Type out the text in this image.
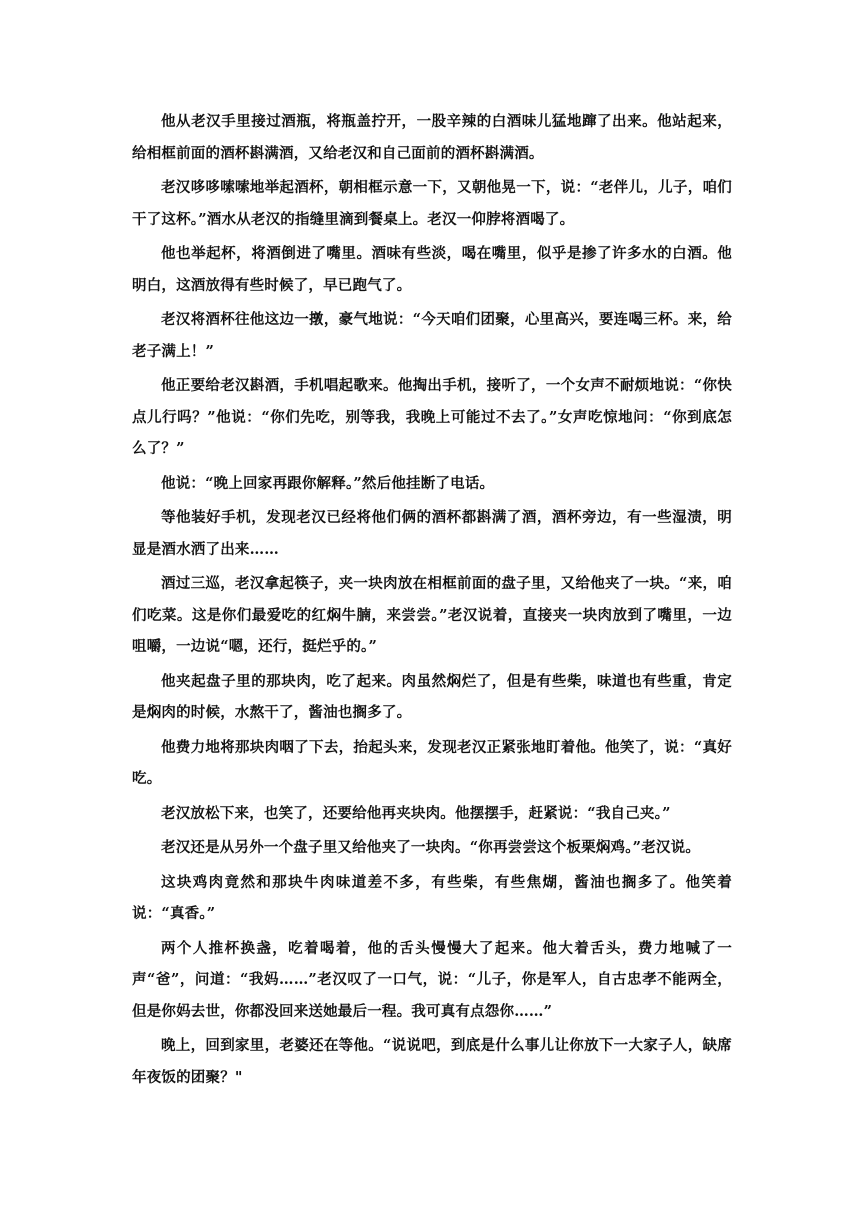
他从老汉手里接过酒瓶，将瓶盖拧开，一股辛辣的白酒味儿猛地蹿了出来。他站起来，给相框前面的酒杯斟满酒，又给老汉和自己面前的酒杯斟满酒。

老汉哆哆嗦嗦地举起酒杯，朝相框示意一下，又朝他晃一下，说：“老伴儿，儿子，咱们干了这杯。”酒水从老汉的指缝里滴到餐桌上。老汉一仰脖将酒喝了。

他也举起杯，将酒倒进了嘴里。酒味有些淡，喝在嘴里，似乎是掺了许多水的白酒。他明白，这酒放得有些时候了，早已跑气了。

老汉将酒杯往他这边一撴，豪气地说：“今天咱们团聚，心里高兴，要连喝三杯。来，给老子满上！”

他正要给老汉斟酒，手机唱起歌来。他掏出手机，接听了，一个女声不耐烦地说：“你快点儿行吗？”他说：“你们先吃，别等我，我晚上可能过不去了。”女声吃惊地问：“你到底怎么了？”

他说：“晚上回家再跟你解释。”然后他挂断了电话。

等他装好手机，发现老汉已经将他们俩的酒杯都斟满了酒，酒杯旁边，有一些湿渍，明显是酒水洒了出来……

酒过三巡，老汉拿起筷子，夹一块肉放在相框前面的盘子里，又给他夹了一块。“来，咱们吃菜。这是你们最爱吃的红焖牛腩，来尝尝。”老汉说着，直接夹一块肉放到了嘴里，一边咀嚼，一边说“嗯，还行，挺烂乎的。”

他夹起盘子里的那块肉，吃了起来。肉虽然焖烂了，但是有些柴，味道也有些重，肯定是焖肉的时候，水熬干了，酱油也搁多了。

他费力地将那块肉咽了下去，抬起头来，发现老汉正紧张地盯着他。他笑了，说：“真好吃。

老汉放松下来，也笑了，还要给他再夹块肉。他摆摆手，赶紧说：“我自己夹。”

老汉还是从另外一个盘子里又给他夹了一块肉。“你再尝尝这个板栗焖鸡。”老汉说。

这块鸡肉竟然和那块牛肉味道差不多，有些柴，有些焦煳，酱油也搁多了。他笑着说：“真香。”

两个人推杯换盏，吃着喝着，他的舌头慢慢大了起来。他大着舌头，费力地喊了一声“爸”，问道：“我妈……”老汉叹了一口气，说：“儿子，你是军人，自古忠孝不能两全，但是你妈去世，你都没回来送她最后一程。我可真有点怨你……”

晚上，回到家里，老婆还在等他。“说说吧，到底是什么事儿让你放下一大家子人，缺席年夜饭的团聚？"
